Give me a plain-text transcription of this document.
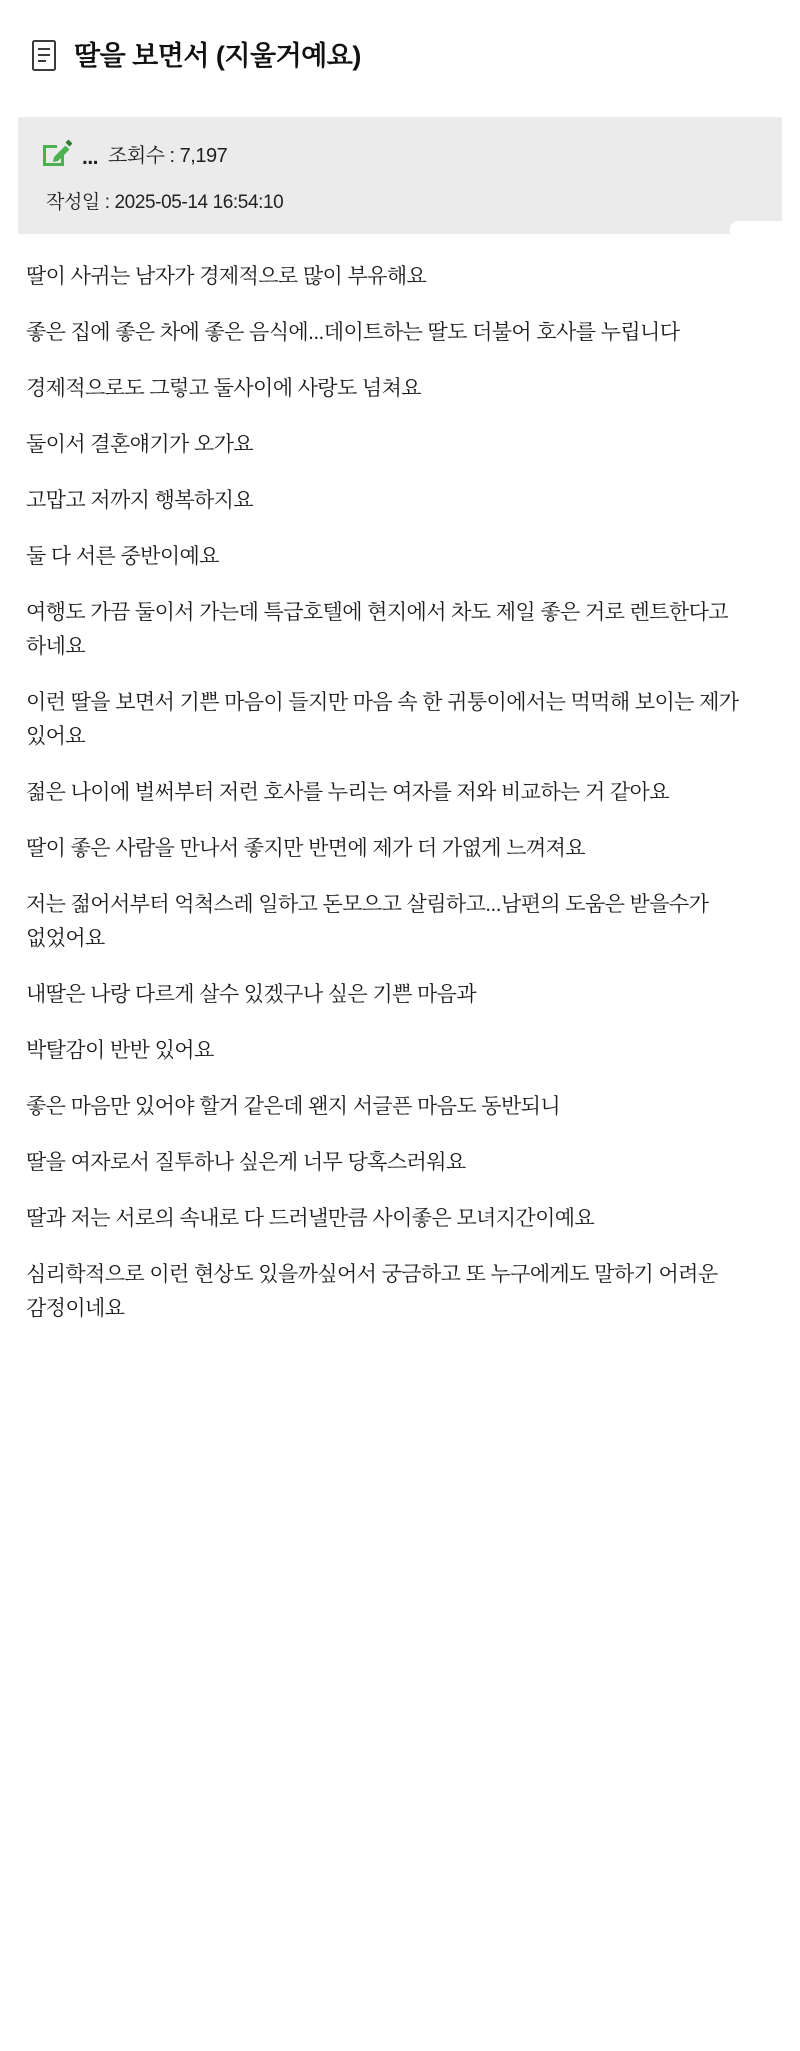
딸을 보면서 (지울거예요)
... 조회수 : 7,197
작성일 : 2025-05-14 16:54:10

딸이 사귀는 남자가 경제적으로 많이 부유해요

좋은 집에 좋은 차에 좋은 음식에...데이트하는 딸도 더불어 호사를 누립니다

경제적으로도 그렇고 둘사이에 사랑도 넘쳐요

둘이서 결혼얘기가 오가요

고맙고 저까지 행복하지요

둘 다 서른 중반이예요

여행도 가끔 둘이서 가는데 특급호텔에 현지에서 차도 제일 좋은 거로 렌트한다고 하네요

이런 딸을 보면서 기쁜 마음이 들지만 마음 속 한 귀퉁이에서는 먹먹해 보이는 제가 있어요

젊은 나이에 벌써부터 저런 호사를 누리는 여자를 저와 비교하는 거 같아요

딸이 좋은 사람을 만나서 좋지만 반면에 제가 더 가엾게 느껴져요

저는 젊어서부터 억척스레 일하고 돈모으고 살림하고...남편의 도움은 받을수가 없었어요

내딸은 나랑 다르게 살수 있겠구나 싶은 기쁜 마음과

박탈감이 반반 있어요

좋은 마음만 있어야 할거 같은데 왠지 서글픈 마음도 동반되니

딸을 여자로서 질투하나 싶은게 너무 당혹스러워요

딸과 저는 서로의 속내로 다 드러낼만큼 사이좋은 모녀지간이예요

심리학적으로 이런 현상도 있을까싶어서 궁금하고 또 누구에게도 말하기 어려운 감정이네요
